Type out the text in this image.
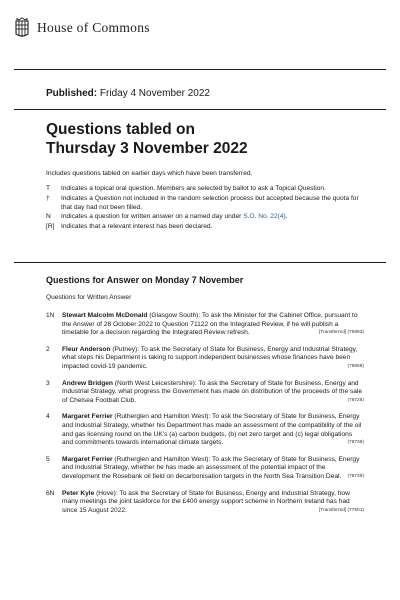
House of Commons
Published: Friday 4 November 2022
Questions tabled on
Thursday 3 November 2022
Includes questions tabled on earlier days which have been transferred.
T	Indicates a topical oral question. Members are selected by ballot to ask a Topical Question.
†	Indicates a Question not included in the random selection process but accepted because the quota for that day had not been filled.
N	Indicates a question for written answer on a named day under S.O. No. 22(4).
[R] Indicates that a relevant interest has been declared.
Questions for Answer on Monday 7 November
Questions for Written Answer
1N	Stewart Malcolm McDonald (Glasgow South): To ask the Minister for the Cabinet Office, pursuant to the Answer of 28 October 2022 to Question 71122 on the Integrated Review, if he will publish a timetable for a decision regarding the Integrated Review refresh.	[Transferred] (75993)
2	Fleur Anderson (Putney): To ask the Secretary of State for Business, Energy and Industrial Strategy, what steps his Department is taking to support independent businesses whose finances have been impacted covid-19 pandemic.	(78858)
3	Andrew Bridgen (North West Leicestershire): To ask the Secretary of State for Business, Energy and Industrial Strategy, what progress the Government has made on distribution of the proceeds of the sale of Chelsea Football Club.	(78726)
4	Margaret Ferrier (Rutherglen and Hamilton West): To ask the Secretary of State for Business, Energy and Industrial Strategy, whether his Department has made an assessment of the compatibility of the oil and gas licensing round on the UK's (a) carbon budgets, (b) net zero target and (c) legal obligations and commitments towards international climate targets.	(78738)
5	Margaret Ferrier (Rutherglen and Hamilton West): To ask the Secretary of State for Business, Energy and Industrial Strategy, whether he has made an assessment of the potential impact of the development the Rosebank oil field on decarbonisation targets in the North Sea Transition Deal.	(78739)
6N	Peter Kyle (Hove): To ask the Secretary of State for Business, Energy and Industrial Strategy, how many meetings the joint taskforce for the £400 energy support scheme in Northern Ireland has had since 15 August 2022.	[Transferred] (77501)
